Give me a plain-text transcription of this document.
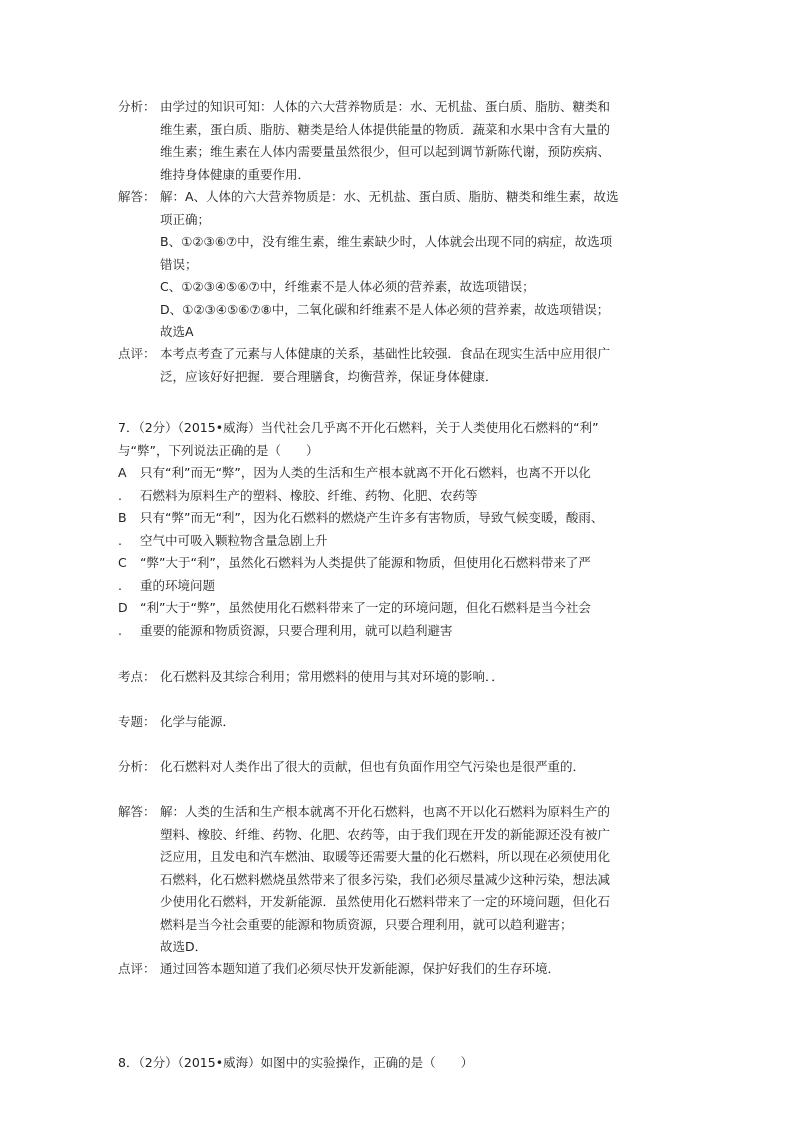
分析： 由学过的知识可知：人体的六大营养物质是：水、无机盐、蛋白质、脂肪、糖类和
维生素，蛋白质、脂肪、糖类是给人体提供能量的物质．蔬菜和水果中含有大量的
维生素；维生素在人体内需要量虽然很少，但可以起到调节新陈代谢，预防疾病、
维持身体健康的重要作用．
解答： 解：A、人体的六大营养物质是：水、无机盐、蛋白质、脂肪、糖类和维生素，故选
项正确；
B、①②③⑥⑦中，没有维生素，维生素缺少时，人体就会出现不同的病症，故选项
错误；
C、①②③④⑤⑥⑦中，纤维素不是人体必须的营养素，故选项错误；
D、①②③④⑤⑥⑦⑧中，二氧化碳和纤维素不是人体必须的营养素，故选项错误；
故选A
点评： 本考点考查了元素与人体健康的关系，基础性比较强．食品在现实生活中应用很广
泛，应该好好把握．要合理膳食，均衡营养，保证身体健康．
7．（2分）（2015•威海）当代社会几乎离不开化石燃料，关于人类使用化石燃料的“利”
与“弊”，下列说法正确的是（　　）
A
.
只有“利”而无“弊”，因为人类的生活和生产根本就离不开化石燃料，也离不开以化
石燃料为原料生产的塑料、橡胶、纤维、药物、化肥、农药等
B
.
只有“弊”而无“利”，因为化石燃料的燃烧产生许多有害物质，导致气候变暖，酸雨、
空气中可吸入颗粒物含量急剧上升
C
.
“弊”大于“利”，虽然化石燃料为人类提供了能源和物质，但使用化石燃料带来了严
重的环境问题
D
.
“利”大于“弊”，虽然使用化石燃料带来了一定的环境问题，但化石燃料是当今社会
重要的能源和物质资源，只要合理利用，就可以趋利避害
考点： 化石燃料及其综合利用；常用燃料的使用与其对环境的影响．．
专题： 化学与能源．
分析： 化石燃料对人类作出了很大的贡献，但也有负面作用空气污染也是很严重的．
解答： 解：人类的生活和生产根本就离不开化石燃料，也离不开以化石燃料为原料生产的
塑料、橡胶、纤维、药物、化肥、农药等，由于我们现在开发的新能源还没有被广
泛应用，且发电和汽车燃油、取暖等还需要大量的化石燃料，所以现在必须使用化
石燃料，化石燃料燃烧虽然带来了很多污染，我们必须尽量减少这种污染，想法减
少使用化石燃料，开发新能源．虽然使用化石燃料带来了一定的环境问题，但化石
燃料是当今社会重要的能源和物质资源，只要合理利用，就可以趋利避害；
故选D．
点评： 通过回答本题知道了我们必须尽快开发新能源，保护好我们的生存环境．
8．（2分）（2015•威海）如图中的实验操作，正确的是（　　）
